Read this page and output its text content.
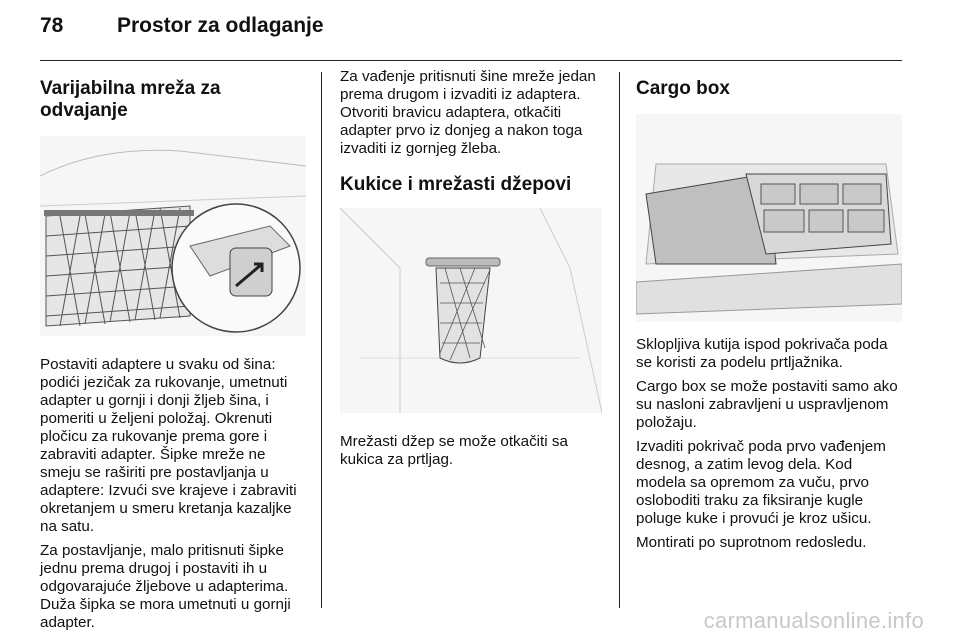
78	Prostor za odlaganje
Varijabilna mreža za odvajanje

Postaviti adaptere u svaku od šina: podići jezičak za rukovanje, umetnuti adapter u gornji i donji žljeb šina, i pomeriti u željeni položaj. Okrenuti pločicu za rukovanje prema gore i zabraviti adapter. Šipke mreže ne smeju se raširiti pre postavljanja u adaptere: Izvući sve krajeve i zabraviti okretanjem u smeru kretanja kazaljke na satu.

Za postavljanje, malo pritisnuti šipke jednu prema drugoj i postaviti ih u odgovarajuće žljebove u adapterima. Duža šipka se mora umetnuti u gornji adapter.

Za vađenje pritisnuti šine mreže jedan prema drugom i izvaditi iz adaptera. Otvoriti bravicu adaptera, otkačiti adapter prvo iz donjeg a nakon toga izvaditi iz gornjeg žleba.

Kukice i mrežasti džepovi

Mrežasti džep se može otkačiti sa kukica za prtljag.

Cargo box

Sklopljiva kutija ispod pokrivača poda se koristi za podelu prtljažnika.

Cargo box se može postaviti samo ako su nasloni zabravljeni u uspravljenom položaju.

Izvaditi pokrivač poda prvo vađenjem desnog, a zatim levog dela. Kod modela sa opremom za vuču, prvo osloboditi traku za fiksiranje kugle poluge kuke i provući je kroz ušicu.

Montirati po suprotnom redosledu.

carmanualsonline.info
